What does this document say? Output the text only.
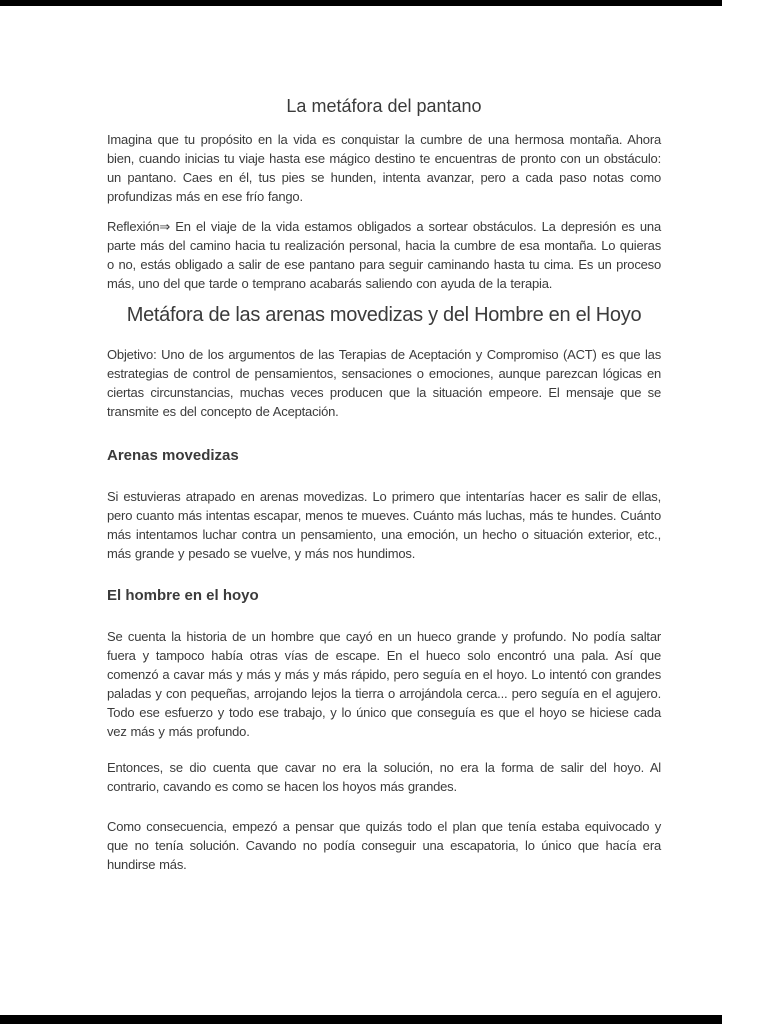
La metáfora del pantano

Imagina que tu propósito en la vida es conquistar la cumbre de una hermosa montaña. Ahora bien, cuando inicias tu viaje hasta ese mágico destino te encuentras de pronto con un obstáculo: un pantano. Caes en él, tus pies se hunden, intenta avanzar, pero a cada paso notas como profundizas más en ese frío fango.

Reflexión⇒ En el viaje de la vida estamos obligados a sortear obstáculos. La depresión es una parte más del camino hacia tu realización personal, hacia la cumbre de esa montaña. Lo quieras o no, estás obligado a salir de ese pantano para seguir caminando hasta tu cima. Es un proceso más, uno del que tarde o temprano acabarás saliendo con ayuda de la terapia.

Metáfora de las arenas movedizas y del Hombre en el Hoyo

Objetivo: Uno de los argumentos de las Terapias de Aceptación y Compromiso (ACT) es que las estrategias de control de pensamientos, sensaciones o emociones, aunque parezcan lógicas en ciertas circunstancias, muchas veces producen que la situación empeore. El mensaje que se transmite es del concepto de Aceptación.

Arenas movedizas

Si estuvieras atrapado en arenas movedizas. Lo primero que intentarías hacer es salir de ellas, pero cuanto más intentas escapar, menos te mueves. Cuánto más luchas, más te hundes. Cuánto más intentamos luchar contra un pensamiento, una emoción, un hecho o situación exterior, etc., más grande y pesado se vuelve, y más nos hundimos.

El hombre en el hoyo

Se cuenta la historia de un hombre que cayó en un hueco grande y profundo. No podía saltar fuera y tampoco había otras vías de escape. En el hueco solo encontró una pala. Así que comenzó a cavar más y más y más y más rápido, pero seguía en el hoyo. Lo intentó con grandes paladas y con pequeñas, arrojando lejos la tierra o arrojándola cerca... pero seguía en el agujero. Todo ese esfuerzo y todo ese trabajo, y lo único que conseguía es que el hoyo se hiciese cada vez más y más profundo.

Entonces, se dio cuenta que cavar no era la solución, no era la forma de salir del hoyo. Al contrario, cavando es como se hacen los hoyos más grandes.

Como consecuencia, empezó a pensar que quizás todo el plan que tenía estaba equivocado y que no tenía solución. Cavando no podía conseguir una escapatoria, lo único que hacía era hundirse más.
